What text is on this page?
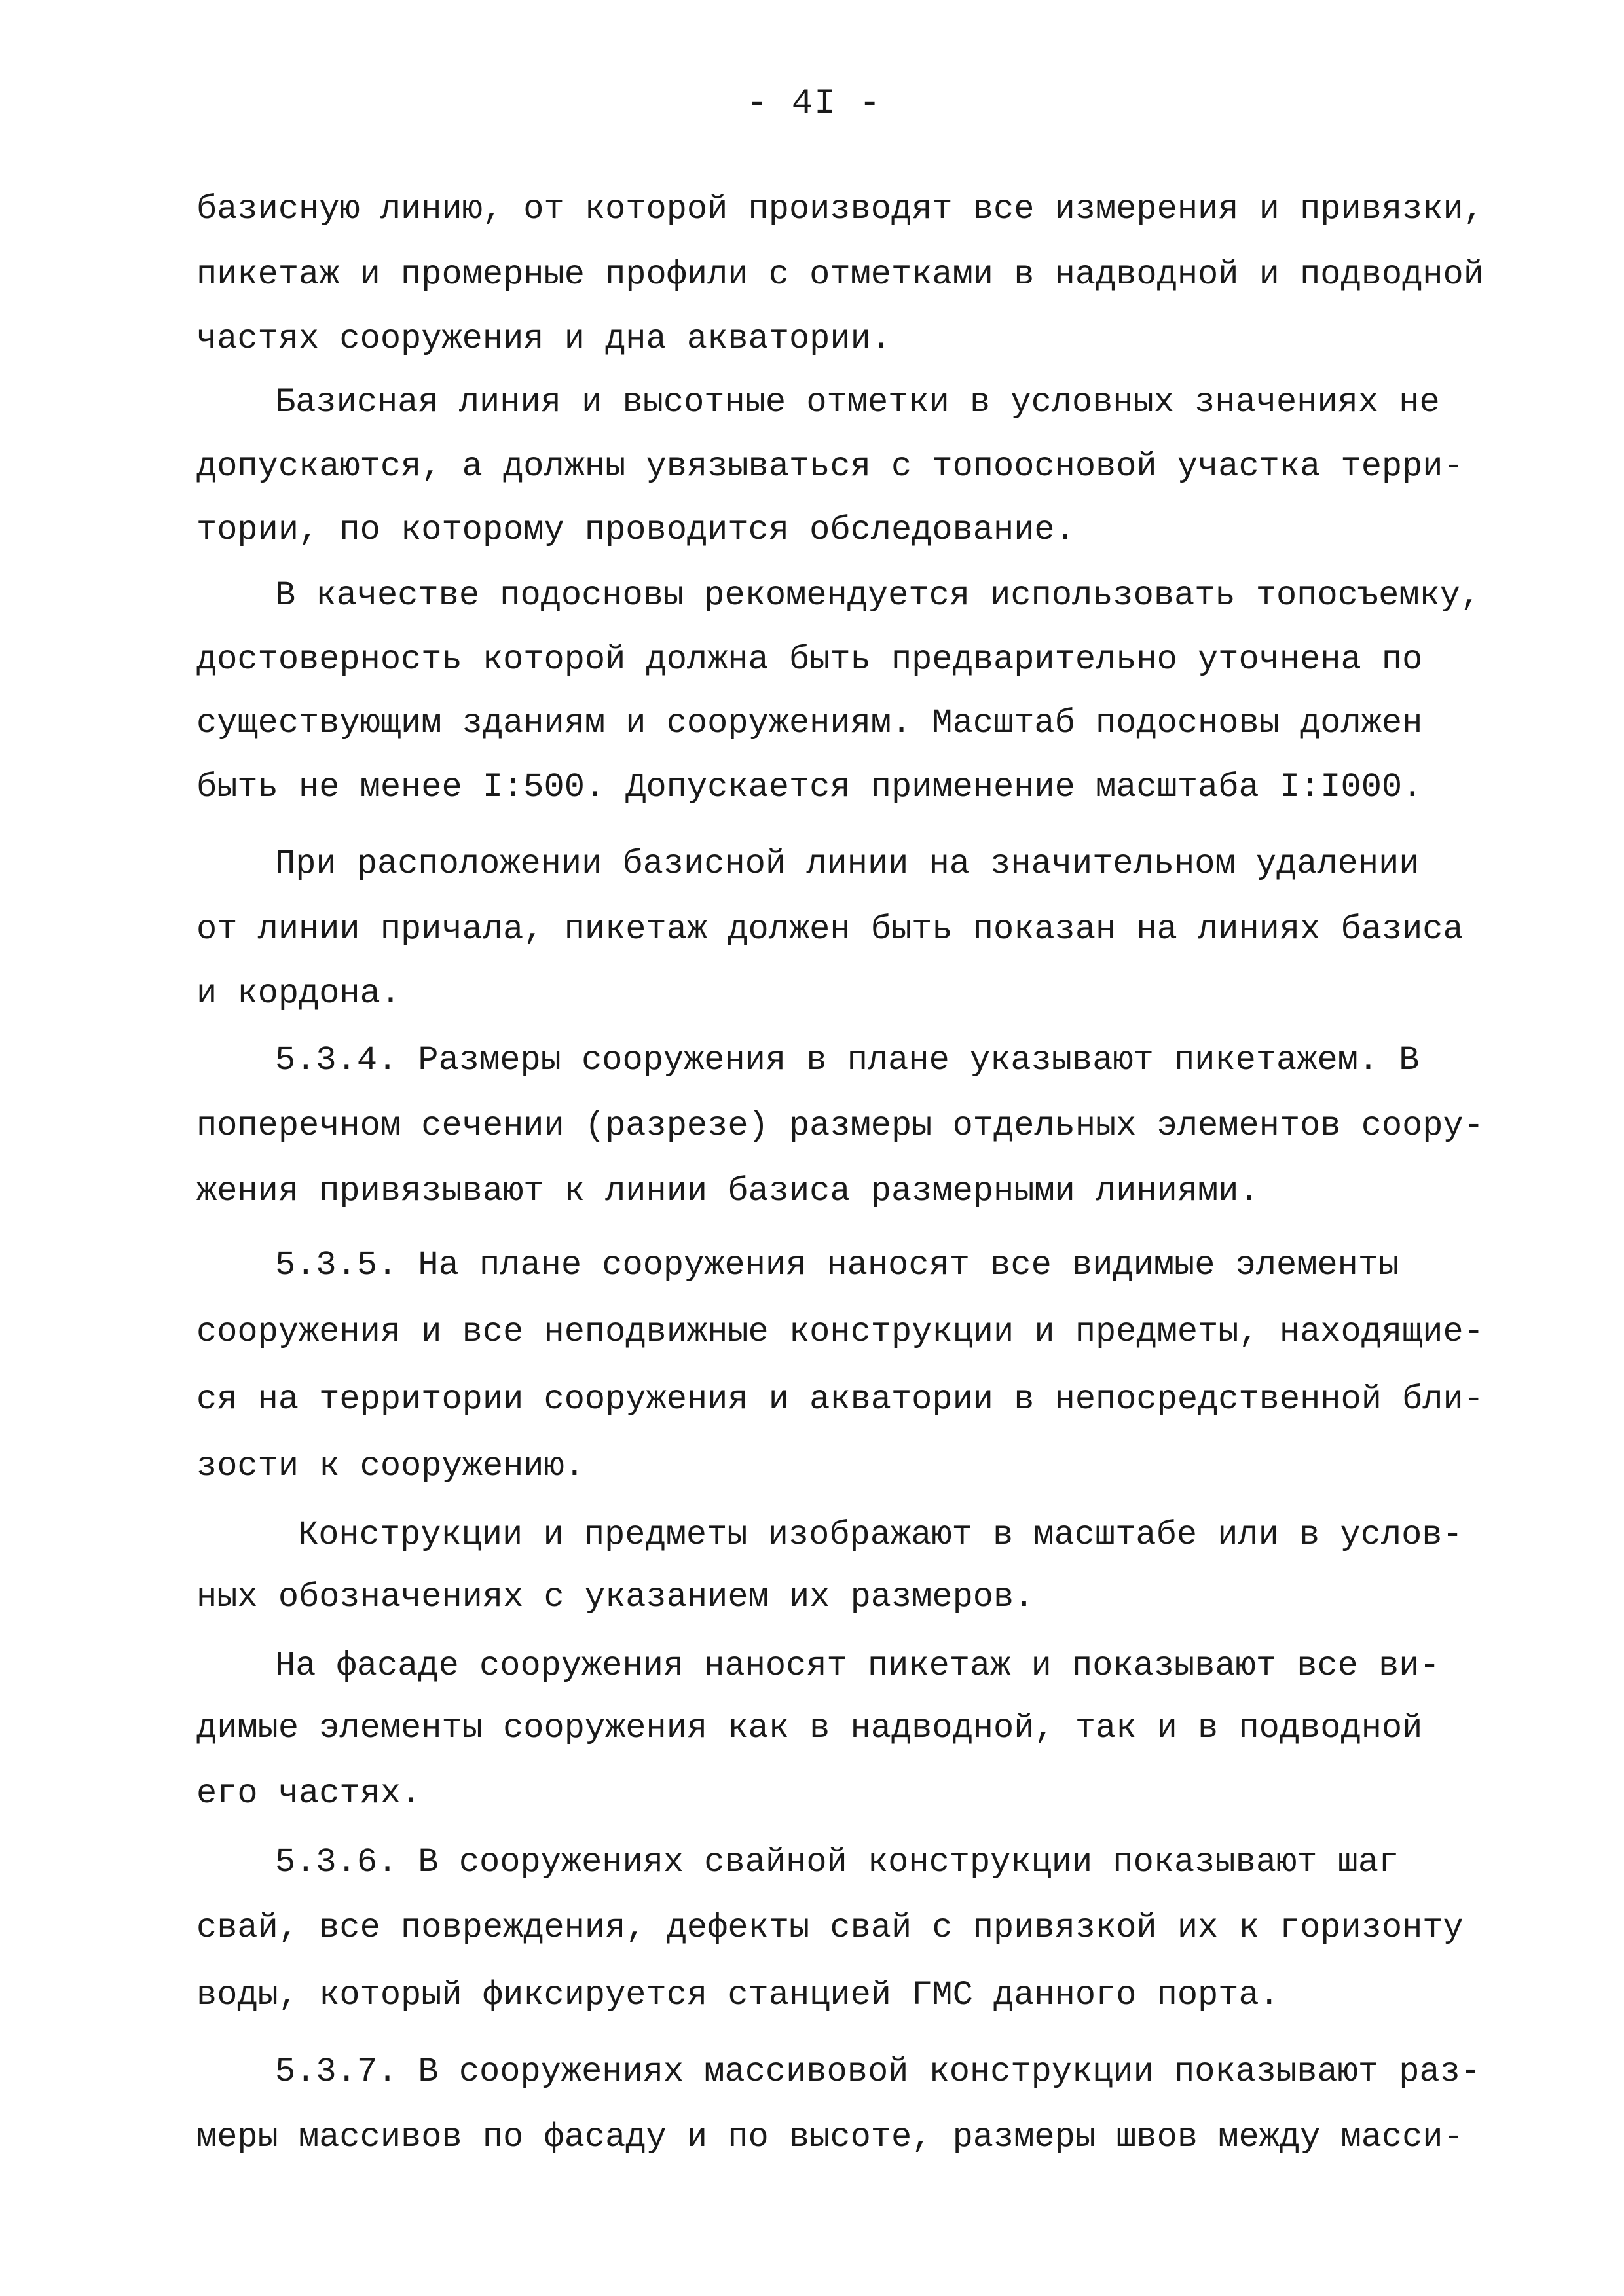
- 4I -
базисную линию, от которой производят все измерения и привязки,
пикетаж и промерные профили с отметками в надводной и подводной
частях сооружения и дна акватории.
Базисная линия и высотные отметки в условных значениях не
допускаются, а должны увязываться с топоосновой участка терри-
тории, по которому проводится обследование.
В качестве подосновы рекомендуется использовать топосъемку,
достоверность которой должна быть предварительно уточнена по
существующим зданиям и сооружениям. Масштаб подосновы должен
быть не менее I:500. Допускается применение масштаба I:I000.
При расположении базисной линии на значительном удалении
от линии причала, пикетаж должен быть показан на линиях базиса
и кордона.
5.3.4. Размеры сооружения в плане указывают пикетажем. В
поперечном сечении (разрезе) размеры отдельных элементов соору-
жения привязывают к линии базиса размерными линиями.
5.3.5. На плане сооружения наносят все видимые элементы
сооружения и все неподвижные конструкции и предметы, находящие-
ся на территории сооружения и акватории в непосредственной бли-
зости к сооружению.
Конструкции и предметы изображают в масштабе или в услов-
ных обозначениях с указанием их размеров.
На фасаде сооружения наносят пикетаж и показывают все ви-
димые элементы сооружения как в надводной, так и в подводной
его частях.
5.3.6. В сооружениях свайной конструкции показывают шаг
свай, все повреждения, дефекты свай с привязкой их к горизонту
воды, который фиксируется станцией ГМС данного порта.
5.3.7. В сооружениях массивовой конструкции показывают раз-
меры массивов по фасаду и по высоте, размеры швов между масси-
